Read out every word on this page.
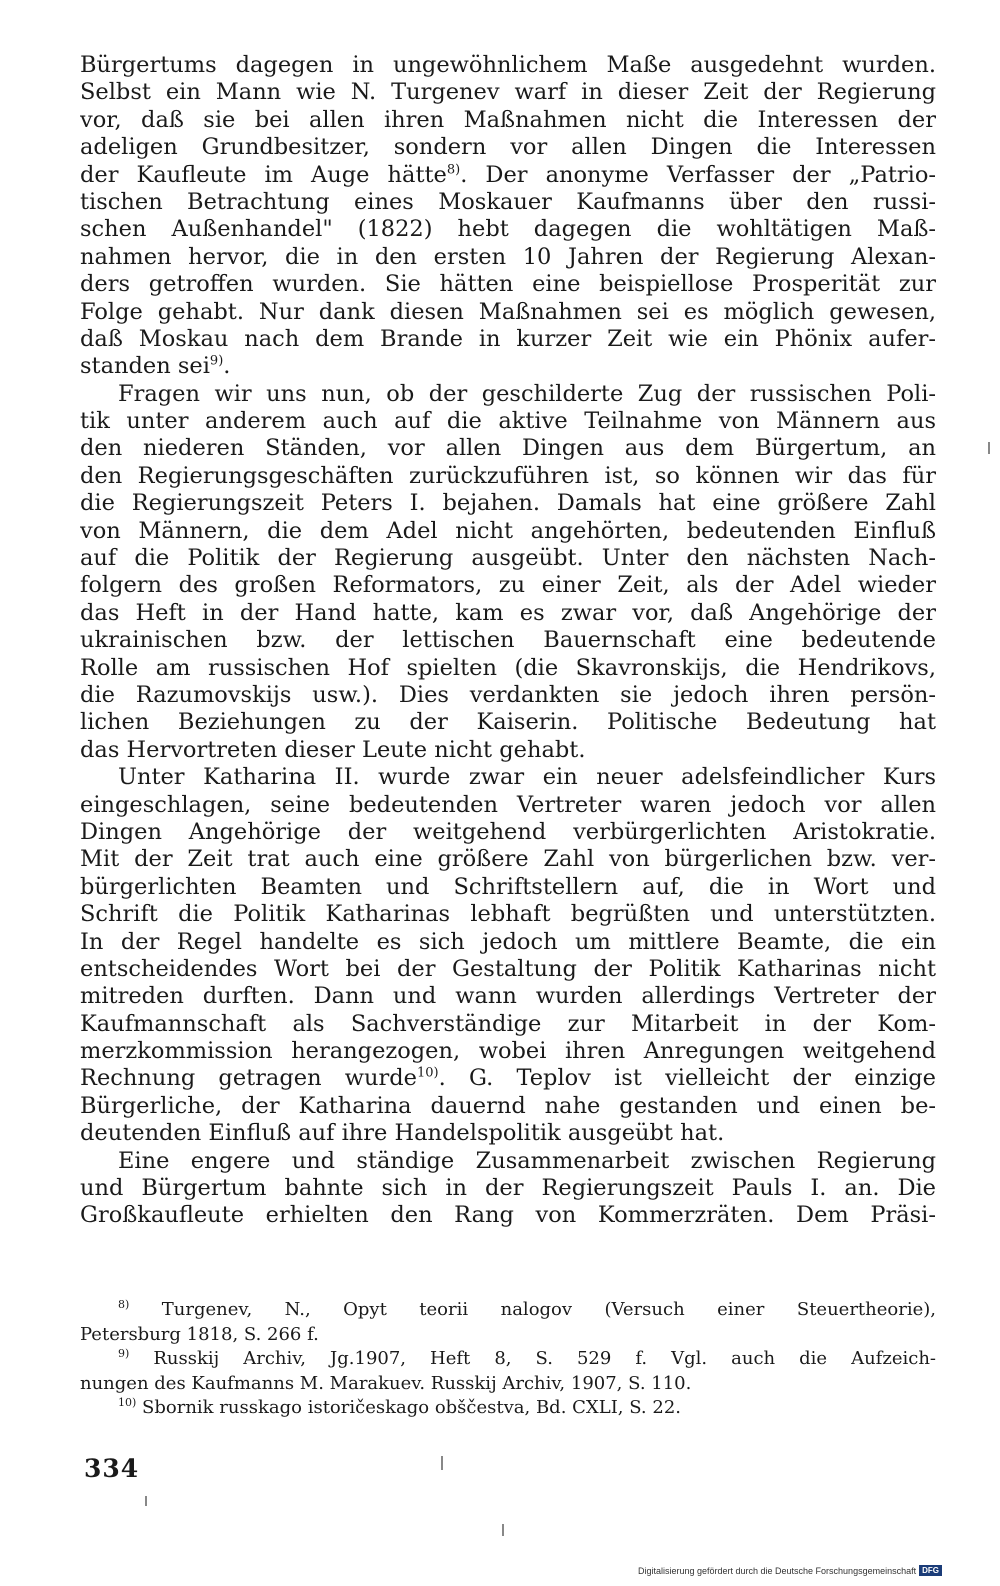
Bürgertums dagegen in ungewöhnlichem Maße ausgedehnt wurden.
Selbst ein Mann wie N. Turgenev warf in dieser Zeit der Regierung
vor, daß sie bei allen ihren Maßnahmen nicht die Interessen der
adeligen Grundbesitzer, sondern vor allen Dingen die Interessen
der Kaufleute im Auge hätte$^{8)}$. Der anonyme Verfasser der „Patrio-
tischen Betrachtung eines Moskauer Kaufmanns über den russi-
schen Außenhandel" (1822) hebt dagegen die wohltätigen Maß-
nahmen hervor, die in den ersten 10 Jahren der Regierung Alexan-
ders getroffen wurden. Sie hätten eine beispiellose Prosperität zur
Folge gehabt. Nur dank diesen Maßnahmen sei es möglich gewesen,
daß Moskau nach dem Brande in kurzer Zeit wie ein Phönix aufer-
standen sei$^{9)}$.
Fragen wir uns nun, ob der geschilderte Zug der russischen Poli-
tik unter anderem auch auf die aktive Teilnahme von Männern aus
den niederen Ständen, vor allen Dingen aus dem Bürgertum, an
den Regierungsgeschäften zurückzuführen ist, so können wir das für
die Regierungszeit Peters I. bejahen. Damals hat eine größere Zahl
von Männern, die dem Adel nicht angehörten, bedeutenden Einfluß
auf die Politik der Regierung ausgeübt. Unter den nächsten Nach-
folgern des großen Reformators, zu einer Zeit, als der Adel wieder
das Heft in der Hand hatte, kam es zwar vor, daß Angehörige der
ukrainischen bzw. der lettischen Bauernschaft eine bedeutende
Rolle am russischen Hof spielten (die Skavronskijs, die Hendrikovs,
die Razumovskijs usw.). Dies verdankten sie jedoch ihren persön-
lichen Beziehungen zu der Kaiserin. Politische Bedeutung hat
das Hervortreten dieser Leute nicht gehabt.
Unter Katharina II. wurde zwar ein neuer adelsfeindlicher Kurs
eingeschlagen, seine bedeutenden Vertreter waren jedoch vor allen
Dingen Angehörige der weitgehend verbürgerlichten Aristokratie.
Mit der Zeit trat auch eine größere Zahl von bürgerlichen bzw. ver-
bürgerlichten Beamten und Schriftstellern auf, die in Wort und
Schrift die Politik Katharinas lebhaft begrüßten und unterstützten.
In der Regel handelte es sich jedoch um mittlere Beamte, die ein
entscheidendes Wort bei der Gestaltung der Politik Katharinas nicht
mitreden durften. Dann und wann wurden allerdings Vertreter der
Kaufmannschaft als Sachverständige zur Mitarbeit in der Kom-
merzkommission herangezogen, wobei ihren Anregungen weitgehend
Rechnung getragen wurde$^{10)}$. G. Teplov ist vielleicht der einzige
Bürgerliche, der Katharina dauernd nahe gestanden und einen be-
deutenden Einfluß auf ihre Handelspolitik ausgeübt hat.
Eine engere und ständige Zusammenarbeit zwischen Regierung
und Bürgertum bahnte sich in der Regierungszeit Pauls I. an. Die
Großkaufleute erhielten den Rang von Kommerzräten. Dem Präsi-
$^{8)}$ Turgenev, N., Opyt teorii nalogov (Versuch einer Steuertheorie),
Petersburg 1818, S. 266 f.
$^{9)}$ Russkij Archiv, Jg.1907, Heft 8, S. 529 f. Vgl. auch die Aufzeich-
nungen des Kaufmanns M. Marakuev. Russkij Archiv, 1907, S. 110.
$^{10)}$ Sbornik russkago istoričeskago obščestva, Bd. CXLI, S. 22.
334
Digitalisierung gefördert durch die Deutsche Forschungsgemeinschaft DFG
